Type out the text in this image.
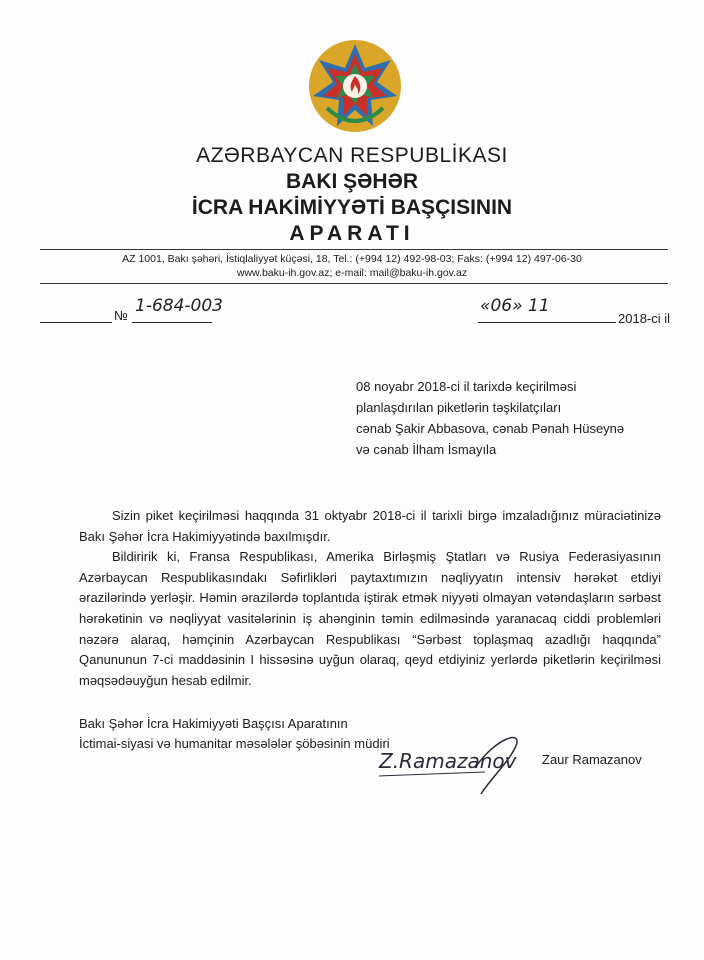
AZƏRBAYCAN RESPUBLİKASI
BAKI ŞƏHƏR
İCRA HAKİMİYYƏTİ BAŞÇISININ
APARATI
AZ 1001, Bakı şəhəri, İstiqlaliyyət küçəsi, 18, Tel.: (+994 12) 492-98-03; Faks: (+994 12) 497-06-30
www.baku-ih.gov.az; e-mail: mail@baku-ih.gov.az
№ 1-684-003	«06» 11
2018-ci il
08 noyabr 2018-ci il tarixdə keçirilməsi
planlaşdırılan piketlərin təşkilatçıları
cənab Şakir Abbasova, cənab Pənah Hüseynə
və cənab İlham İsmayıla

Sizin piket keçirilməsi haqqında 31 oktyabr 2018-ci il tarixli birgə imzaladığınız müraciətinizə Bakı Şəhər İcra Hakimiyyətində baxılmışdır.

Bildiririk ki, Fransa Respublikası, Amerika Birləşmiş Ştatları və Rusiya Federasiyasının Azərbaycan Respublikasındakı Səfirlikləri paytaxtımızın nəqliyyatın intensiv hərəkət etdiyi ərazilərində yerləşir. Həmin ərazilərdə toplantıda iştirak etmək niyyəti olmayan vətəndaşların sərbəst hərəkətinin və nəqliyyat vasitələrinin iş ahənginin təmin edilməsində yaranacaq ciddi problemləri nəzərə alaraq, həmçinin Azərbaycan Respublikası “Sərbəst toplaşmaq azadlığı haqqında” Qanununun 7-ci maddəsinin I hissəsinə uyğun olaraq, qeyd etdiyiniz yerlərdə piketlərin keçirilməsi məqsədəuyğun hesab edilmir.

Bakı Şəhər İcra Hakimiyyəti Başçısı Aparatının
İctimai-siyasi və humanitar məsələlər şöbəsinin müdiri
Z.Ramazanov Zaur Ramazanov
